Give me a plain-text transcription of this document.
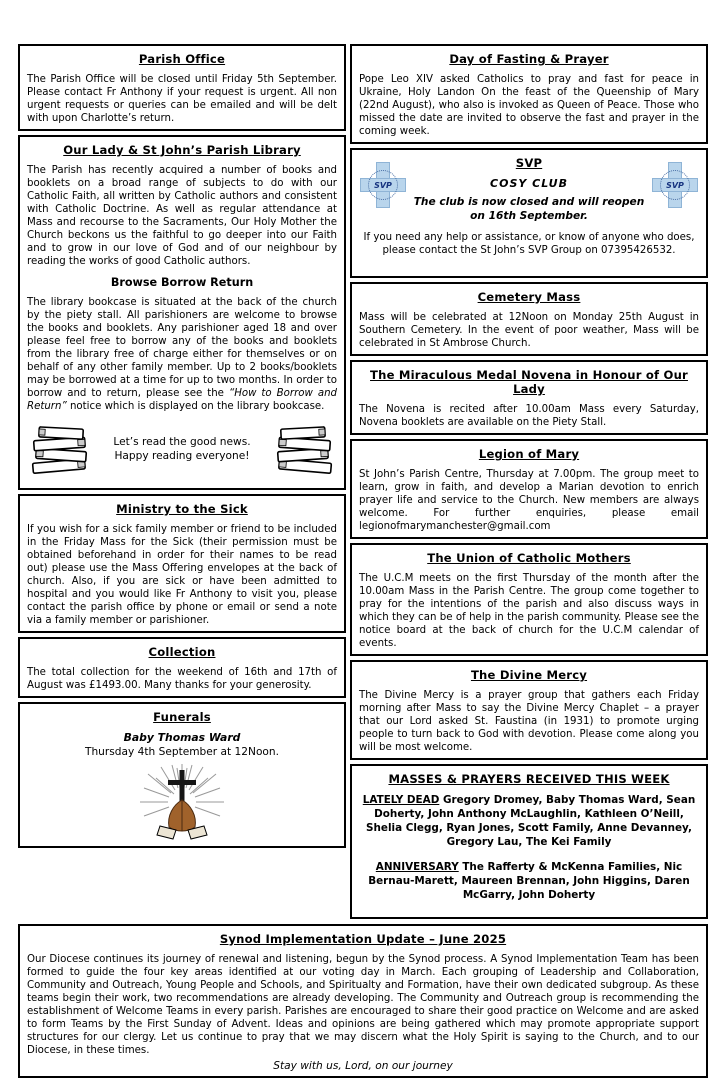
Parish Office

The Parish Office will be closed until Friday 5th September. Please contact Fr Anthony if your request is urgent. All non urgent requests or queries can be emailed and will be delt with upon Charlotte’s return.

Our Lady & St John’s Parish Library

The Parish has recently acquired a number of books and booklets on a broad range of subjects to do with our Catholic Faith, all written by Catholic authors and consistent with Catholic Doctrine. As well as regular attendance at Mass and recourse to the Sacraments, Our Holy Mother the Church beckons us the faithful to go deeper into our Faith and to grow in our love of God and of our neighbour by reading the works of good Catholic authors.

Browse Borrow Return

The library bookcase is situated at the back of the church by the piety stall. All parishioners are welcome to browse the books and booklets. Any parishioner aged 18 and over please feel free to borrow any of the books and booklets from the library free of charge either for themselves or on behalf of any other family member. Up to 2 books/booklets may be borrowed at a time for up to two months. In order to borrow and to return, please see the “How to Borrow and Return” notice which is displayed on the library bookcase.

Let’s read the good news.
Happy reading everyone!
Ministry to the Sick

If you wish for a sick family member or friend to be included in the Friday Mass for the Sick (their permission must be obtained beforehand in order for their names to be read out) please use the Mass Offering envelopes at the back of church. Also, if you are sick or have been admitted to hospital and you would like Fr Anthony to visit you, please contact the parish office by phone or email or send a note via a family member or parishioner.

Collection

The total collection for the weekend of 16th and 17th of August was £1493.00. Many thanks for your generosity.

Funerals
Baby Thomas Ward
Thursday 4th September at 12Noon.
Day of Fasting & Prayer

Pope Leo XIV asked Catholics to pray and fast for peace in Ukraine, Holy Landon On the feast of the Queenship of Mary (22nd August), who also is invoked as Queen of Peace. Those who missed the date are invited to observe the fast and prayer in the coming week.

SVP	SVP
SVP
COSY CLUB
The club is now closed and will reopen on 16th September.

If you need any help or assistance, or know of anyone who does, please contact the St John’s SVP Group on 07395426532.

Cemetery Mass

Mass will be celebrated at 12Noon on Monday 25th August in Southern Cemetery. In the event of poor weather, Mass will be celebrated in St Ambrose Church.

The Miraculous Medal Novena in Honour of Our Lady

The Novena is recited after 10.00am Mass every Saturday, Novena booklets are available on the Piety Stall.

Legion of Mary

St John’s Parish Centre, Thursday at 7.00pm. The group meet to learn, grow in faith, and develop a Marian devotion to enrich prayer life and service to the Church. New members are always welcome. For further enquiries, please email legionofmarymanchester@gmail.com

The Union of Catholic Mothers

The U.C.M meets on the first Thursday of the month after the 10.00am Mass in the Parish Centre. The group come together to pray for the intentions of the parish and also discuss ways in which they can be of help in the parish community. Please see the notice board at the back of church for the U.C.M calendar of events.

The Divine Mercy

The Divine Mercy is a prayer group that gathers each Friday morning after Mass to say the Divine Mercy Chaplet – a prayer that our Lord asked St. Faustina (in 1931) to promote urging people to turn back to God with devotion. Please come along you will be most welcome.

MASSES & PRAYERS RECEIVED THIS WEEK

LATELY DEAD Gregory Dromey, Baby Thomas Ward, Sean Doherty, John Anthony McLaughlin, Kathleen O’Neill, Shelia Clegg, Ryan Jones, Scott Family, Anne Devanney, Gregory Lau, The Kei Family

ANNIVERSARY The Rafferty & McKenna Families, Nic Bernau-Marett, Maureen Brennan, John Higgins, Daren McGarry, John Doherty

Synod Implementation Update – June 2025

Our Diocese continues its journey of renewal and listening, begun by the Synod process. A Synod Implementation Team has been formed to guide the four key areas identified at our voting day in March. Each grouping of Leadership and Collaboration, Community and Outreach, Young People and Schools, and Spiritualty and Formation, have their own dedicated subgroup. As these teams begin their work, two recommendations are already developing. The Community and Outreach group is recommending the establishment of Welcome Teams in every parish. Parishes are encouraged to share their good practice on Welcome and are asked to form Teams by the First Sunday of Advent. Ideas and opinions are being gathered which may promote appropriate support structures for our clergy. Let us continue to pray that we may discern what the Holy Spirit is saying to the Church, and to our Diocese, in these times.

Stay with us, Lord, on our journey
